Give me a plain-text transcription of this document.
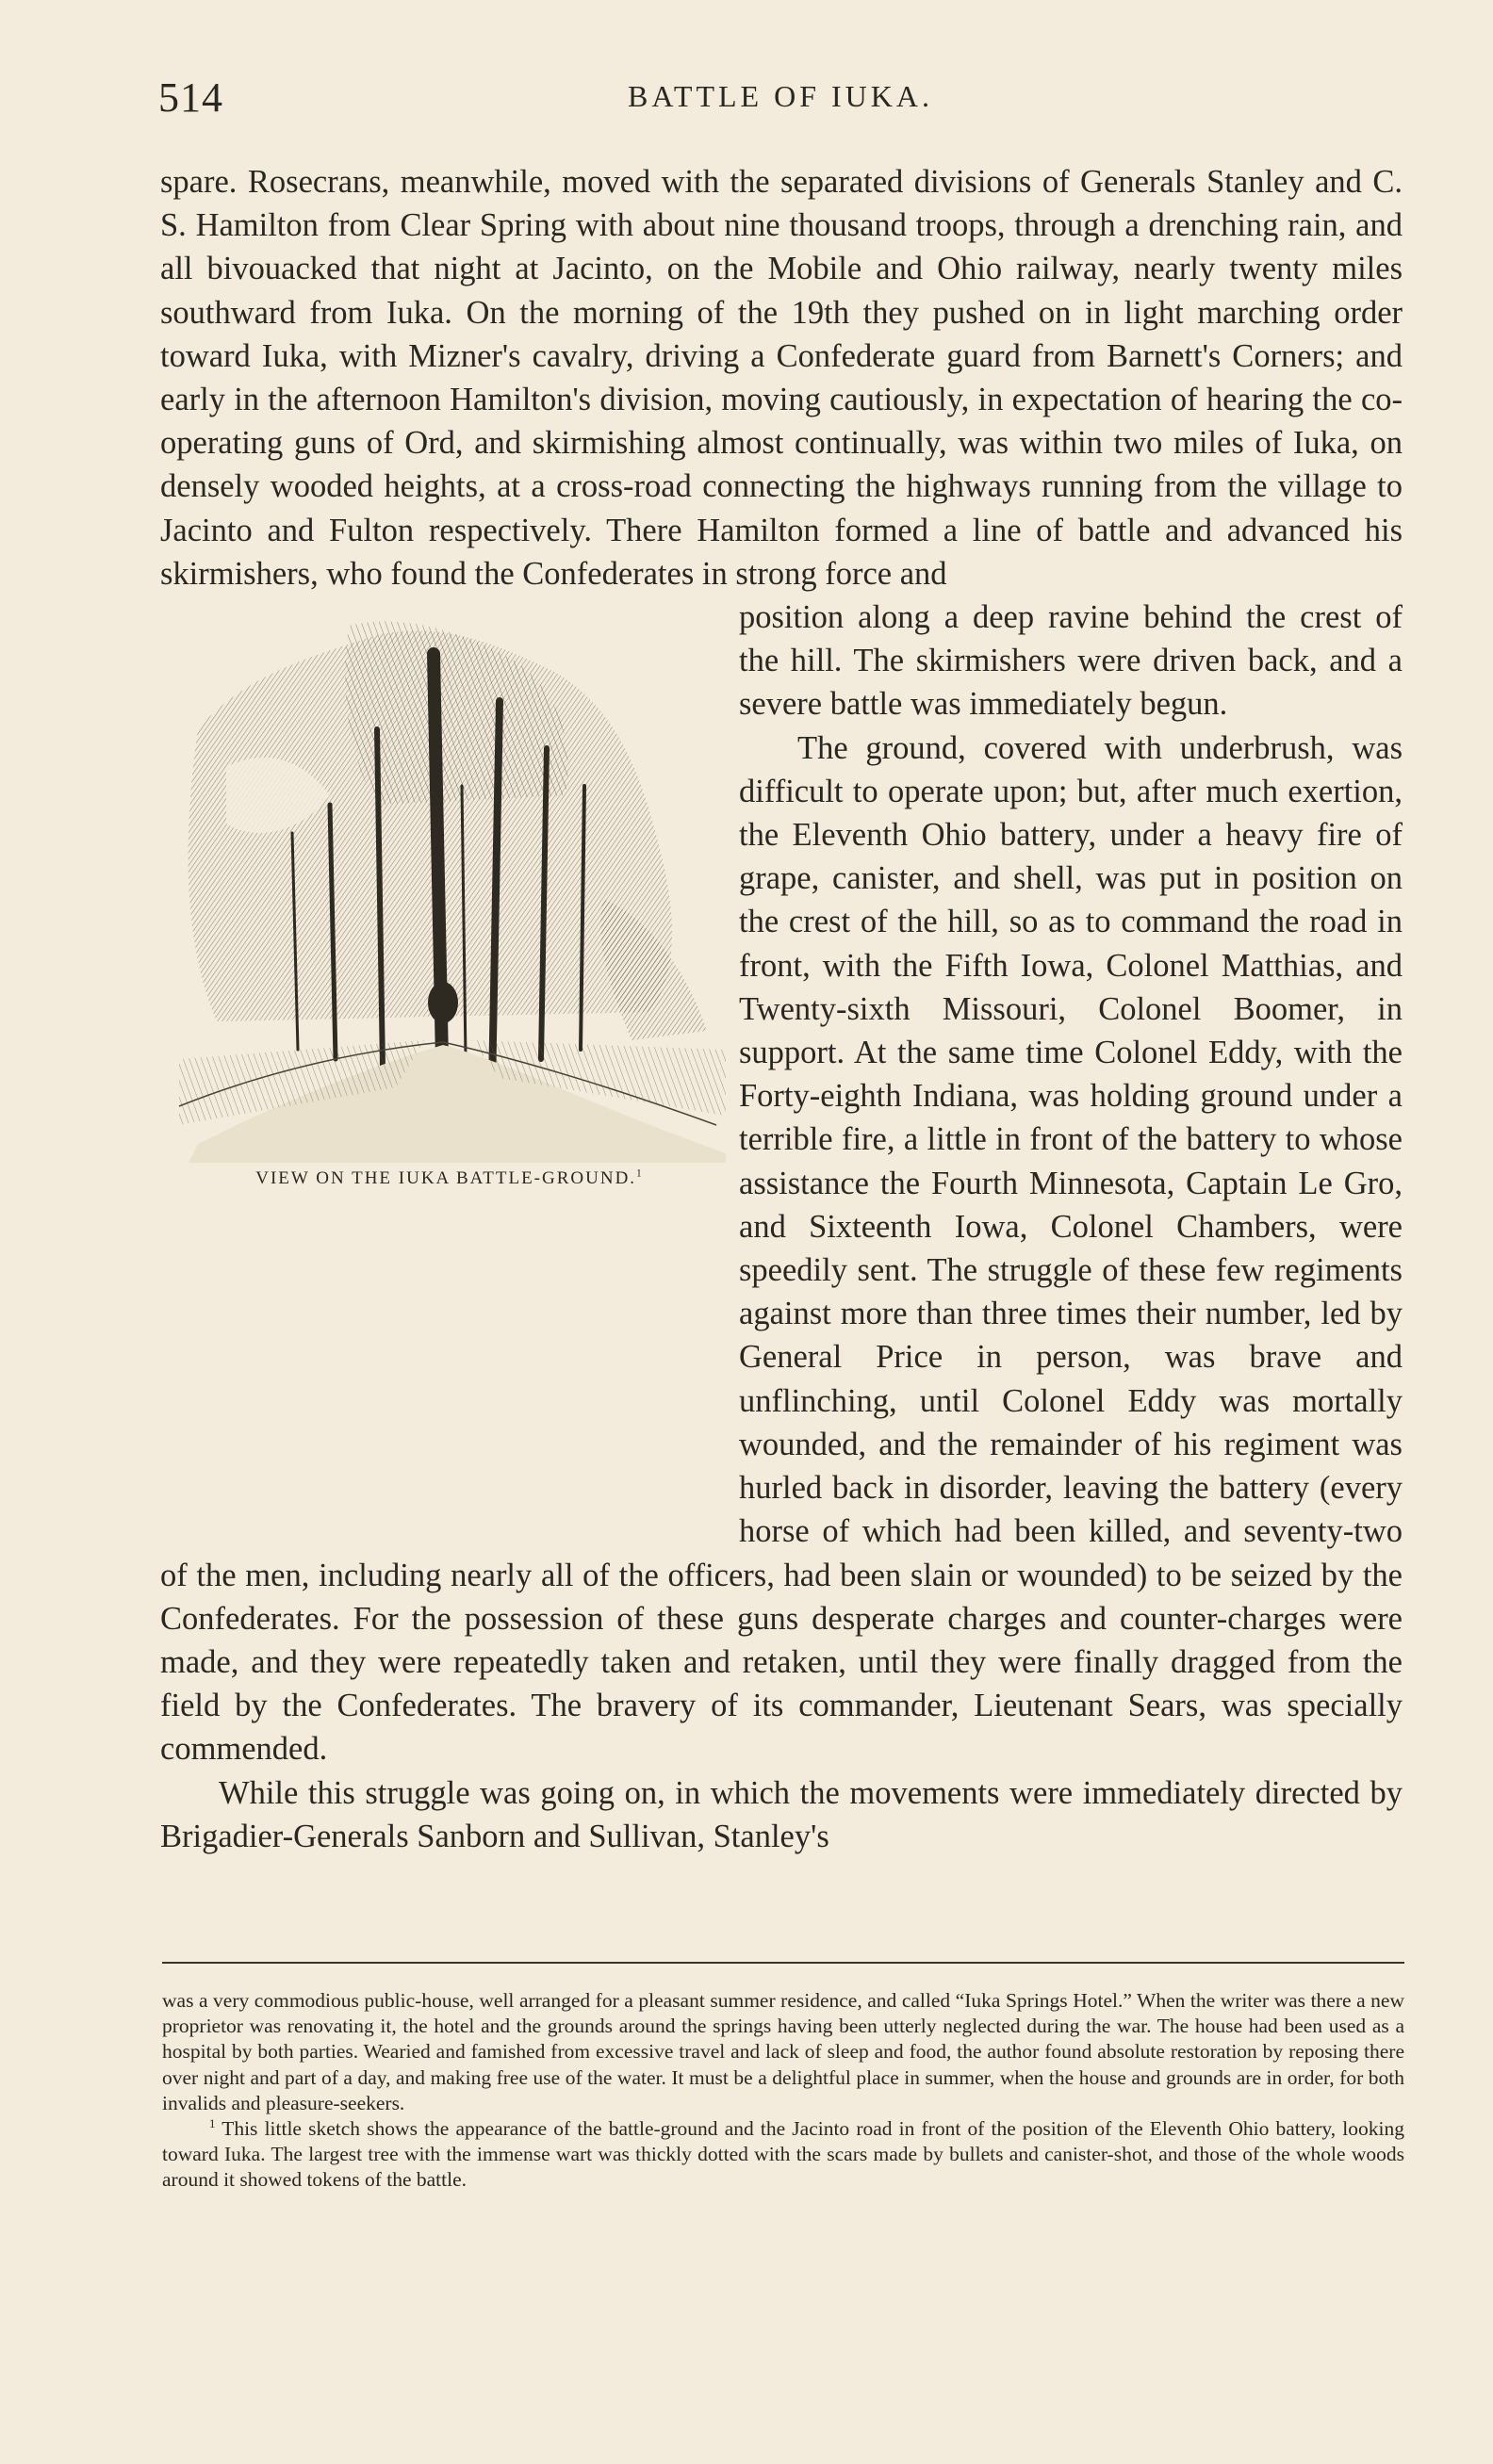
514	BATTLE OF IUKA.

spare. Rosecrans, meanwhile, moved with the separated divisions of Generals Stanley and C. S. Hamilton from Clear Spring with about nine thousand troops, through a drenching rain, and all bivouacked that night at Jacinto, on the Mobile and Ohio railway, nearly twenty miles southward from Iuka. On the morning of the 19th they pushed on in light marching order toward Iuka, with Mizner's cavalry, driving a Confederate guard from Barnett's Corners; and early in the afternoon Hamilton's division, moving cautiously, in expectation of hearing the co-operating guns of Ord, and skirmishing almost continually, was within two miles of Iuka, on densely wooded heights, at a cross-road connecting the highways running from the village to Jacinto and Fulton respectively. There Hamilton formed a line of battle and advanced his skirmishers, who found the Confederates in strong force and

VIEW ON THE IUKA BATTLE-GROUND.$^1$

position along a deep ravine behind the crest of the hill. The skirmishers were driven back, and a severe battle was immediately begun.

The ground, covered with underbrush, was difficult to operate upon; but, after much exertion, the Eleventh Ohio battery, under a heavy fire of grape, canister, and shell, was put in position on the crest of the hill, so as to command the road in front, with the Fifth Iowa, Colonel Matthias, and Twenty-sixth Missouri, Colonel Boomer, in support. At the same time Colonel Eddy, with the Forty-eighth Indiana, was holding ground under a terrible fire, a little in front of the battery to whose assistance the Fourth Minnesota, Captain Le Gro, and Sixteenth Iowa, Colonel Chambers, were speedily sent. The struggle of these few regiments against more than three times their number, led by General Price in person, was brave and unflinching, until Colonel Eddy was mortally wounded, and the remainder of his regiment was hurled back in disorder, leaving the battery (every horse of which had been killed, and seventy-two of the men, including nearly all of the officers, had been slain or wounded) to be seized by the Confederates. For the possession of these guns desperate charges and counter-charges were made, and they were repeatedly taken and retaken, until they were finally dragged from the field by the Confederates. The bravery of its commander, Lieutenant Sears, was specially commended.

While this struggle was going on, in which the movements were immediately directed by Brigadier-Generals Sanborn and Sullivan, Stanley's

was a very commodious public-house, well arranged for a pleasant summer residence, and called “Iuka Springs Hotel.” When the writer was there a new proprietor was renovating it, the hotel and the grounds around the springs having been utterly neglected during the war. The house had been used as a hospital by both parties. Wearied and famished from excessive travel and lack of sleep and food, the author found absolute restoration by reposing there over night and part of a day, and making free use of the water. It must be a delightful place in summer, when the house and grounds are in order, for both invalids and pleasure-seekers.

$^1$ This little sketch shows the appearance of the battle-ground and the Jacinto road in front of the position of the Eleventh Ohio battery, looking toward Iuka. The largest tree with the immense wart was thickly dotted with the scars made by bullets and canister-shot, and those of the whole woods around it showed tokens of the battle.
